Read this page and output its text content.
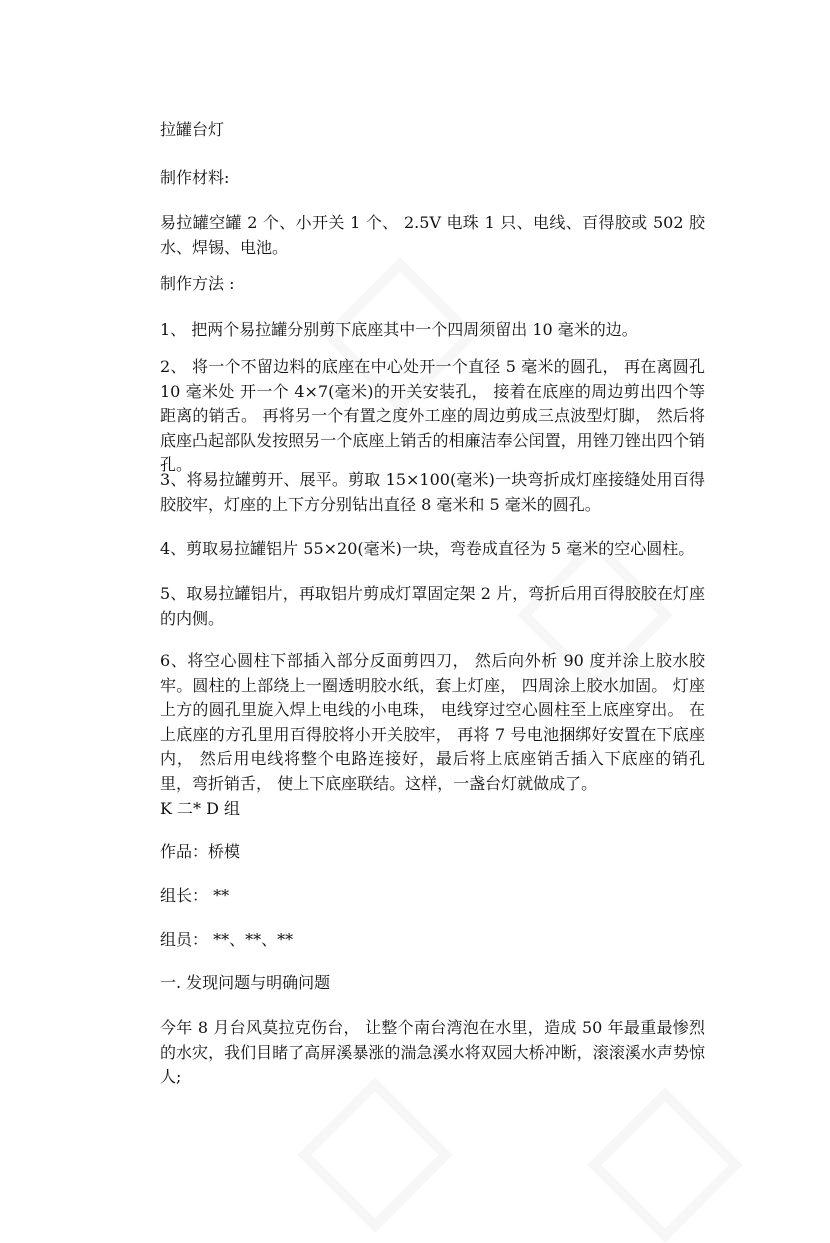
拉罐台灯
制作材料:
易拉罐空罐 2 个、小开关 1 个、 2.5V 电珠 1 只、电线、百得胶或 502 胶水、焊锡、电池。
制作方法 :
1、 把两个易拉罐分别剪下底座其中一个四周须留出 10 毫米的边。
2、 将一个不留边料的底座在中心处开一个直径 5 毫米的圆孔， 再在离圆孔 10 毫米处 开一个 4×7(毫米)的开关安装孔， 接着在底座的周边剪出四个等距离的销舌。 再将另一个有置之度外工座的周边剪成三点波型灯脚， 然后将底座凸起部队发按照另一个底座上销舌的相廉洁奉公闰置，用锉刀锉出四个销孔。
3、将易拉罐剪开、展平。剪取 15×100(毫米)一块弯折成灯座接缝处用百得胶胶牢，灯座的上下方分别钻出直径 8 毫米和 5 毫米的圆孔。
4、剪取易拉罐铝片 55×20(毫米)一块，弯卷成直径为 5 毫米的空心圆柱。
5、取易拉罐铝片，再取铝片剪成灯罩固定架 2 片，弯折后用百得胶胶在灯座的内侧。
6、将空心圆柱下部插入部分反面剪四刀， 然后向外析 90 度并涂上胶水胶牢。圆柱的上部绕上一圈透明胶水纸，套上灯座， 四周涂上胶水加固。 灯座上方的圆孔里旋入焊上电线的小电珠， 电线穿过空心圆柱至上底座穿出。 在上底座的方孔里用百得胶将小开关胶牢， 再将 7 号电池捆绑好安置在下底座内， 然后用电线将整个电路连接好，最后将上底座销舌插入下底座的销孔里，弯折销舌， 使上下底座联结。这样，一盏台灯就做成了。
K 二* D 组
作品：桥模
组长： **
组员： **、**、**
一. 发现问题与明确问题
今年 8 月台风莫拉克伤台， 让整个南台湾泡在水里，造成 50 年最重最惨烈的水灾，我们目睹了高屏溪暴涨的湍急溪水将双园大桥冲断，滚滚溪水声势惊人;
